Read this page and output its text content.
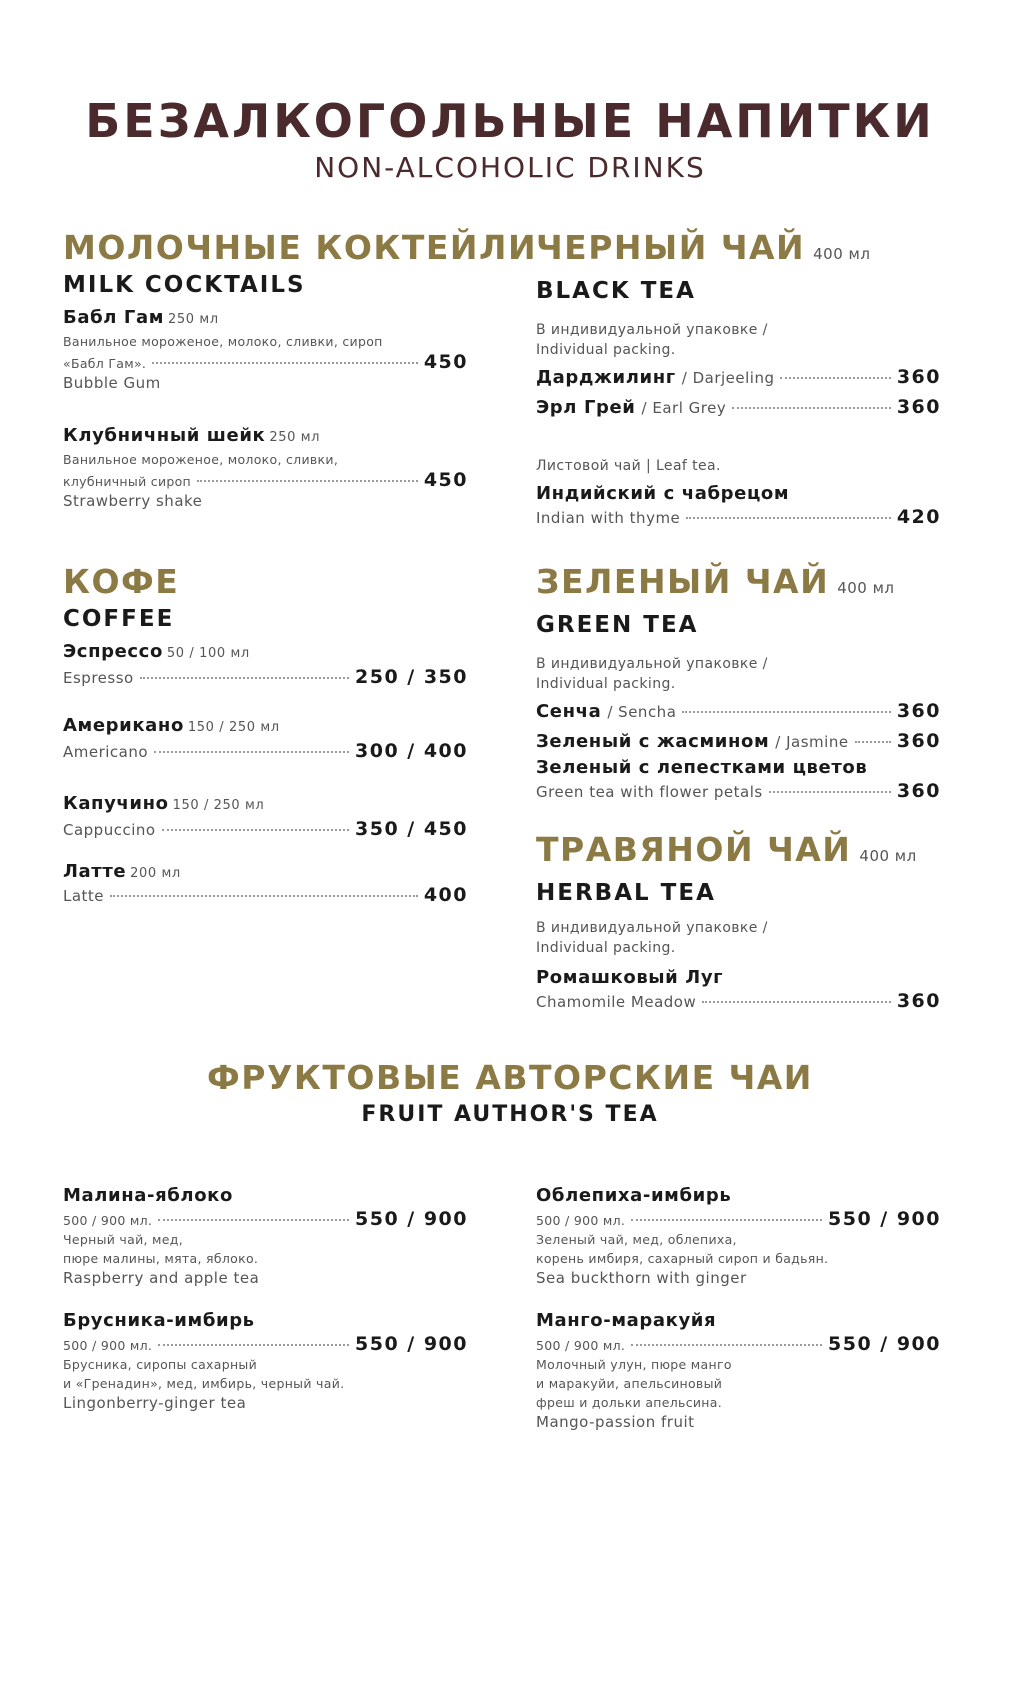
БЕЗАЛКОГОЛЬНЫЕ НАПИТКИ
NON-ALCOHOLIC DRINKS
МОЛОЧНЫЕ КОКТЕЙЛИ
MILK COCKTAILS
Бабл Гам 250 мл
Ванильное мороженое, молоко, сливки, сироп
«Бабл Гам».	450
Bubble Gum
Клубничный шейк 250 мл
Ванильное мороженое, молоко, сливки,
клубничный сироп	450
Strawberry shake
КОФЕ
COFFEE
Эспрессо 50 / 100 мл
Espresso	250 / 350
Американо 150 / 250 мл
Americano	300 / 400
Капучино 150 / 250 мл
Cappuccino	350 / 450
Латте 200 мл
Latte	400
ЧЕРНЫЙ ЧАЙ 400 мл
BLACK TEA
В индивидуальной упаковке /
Individual packing.
Дарджилинг / Darjeeling	360
Эрл Грей / Earl Grey	360
Листовой чай | Leaf tea.
Индийский с чабрецом
Indian with thyme	420
ЗЕЛЕНЫЙ ЧАЙ 400 мл
GREEN TEA
В индивидуальной упаковке /
Individual packing.
Сенча / Sencha	360
Зеленый с жасмином / Jasmine	360
Зеленый с лепестками цветов
Green tea with flower petals	360
ТРАВЯНОЙ ЧАЙ 400 мл
HERBAL TEA
В индивидуальной упаковке /
Individual packing.
Ромашковый Луг
Chamomile Meadow	360
ФРУКТОВЫЕ АВТОРСКИЕ ЧАИ
FRUIT AUTHOR'S TEA
Малина-яблоко
500 / 900 мл.	550 / 900
Черный чай, мед,
пюре малины, мята, яблоко.
Raspberry and apple tea
Облепиха-имбирь
500 / 900 мл.	550 / 900
Зеленый чай, мед, облепиха,
корень имбиря, сахарный сироп и бадьян.
Sea buckthorn with ginger
Брусника-имбирь
500 / 900 мл.	550 / 900
Брусника, сиропы сахарный
и «Гренадин», мед, имбирь, черный чай.
Lingonberry-ginger tea
Манго-маракуйя
500 / 900 мл.	550 / 900
Молочный улун, пюре манго
и маракуйи, апельсиновый
фреш и дольки апельсина.
Mango-passion fruit
